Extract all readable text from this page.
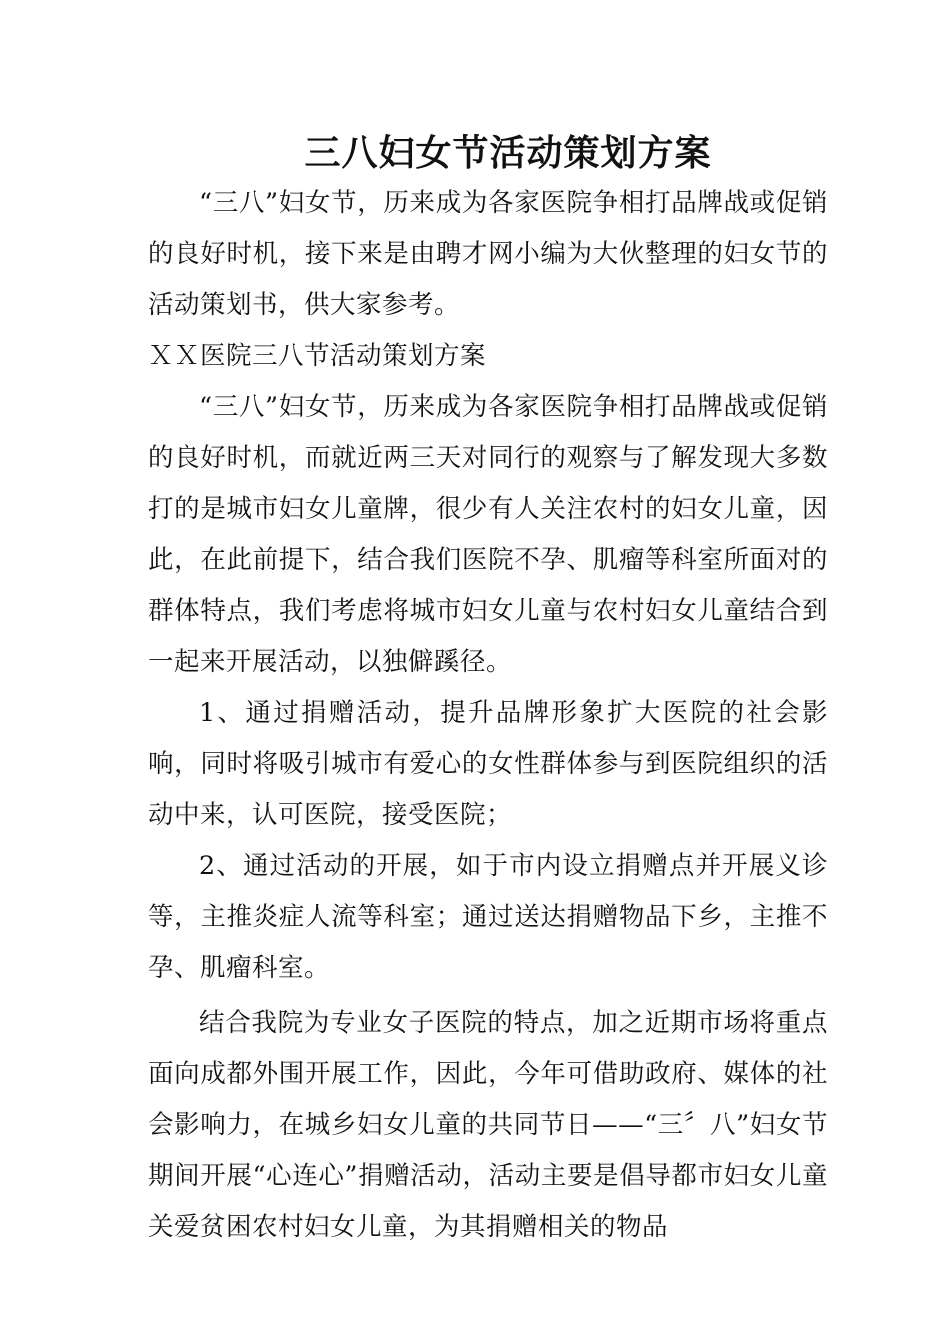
三八妇女节活动策划方案

“三八”妇女节，历来成为各家医院争相打品牌战或促销的良好时机，接下来是由聘才网小编为大伙整理的妇女节的活动策划书，供大家参考。

ＸＸ医院三八节活动策划方案

“三八”妇女节，历来成为各家医院争相打品牌战或促销的良好时机，而就近两三天对同行的观察与了解发现大多数打的是城市妇女儿童牌，很少有人关注农村的妇女儿童，因此，在此前提下，结合我们医院不孕、肌瘤等科室所面对的群体特点，我们考虑将城市妇女儿童与农村妇女儿童结合到一起来开展活动，以独僻蹊径。

1、通过捐赠活动，提升品牌形象扩大医院的社会影响，同时将吸引城市有爱心的女性群体参与到医院组织的活动中来，认可医院，接受医院；

2、通过活动的开展，如于市内设立捐赠点并开展义诊等，主推炎症人流等科室；通过送达捐赠物品下乡，主推不孕、肌瘤科室。

结合我院为专业女子医院的特点，加之近期市场将重点面向成都外围开展工作，因此，今年可借助政府、媒体的社会影响力，在城乡妇女儿童的共同节日——“三〞八”妇女节期间开展“心连心”捐赠活动，活动主要是倡导都市妇女儿童关爱贫困农村妇女儿童，为其捐赠相关的物品
